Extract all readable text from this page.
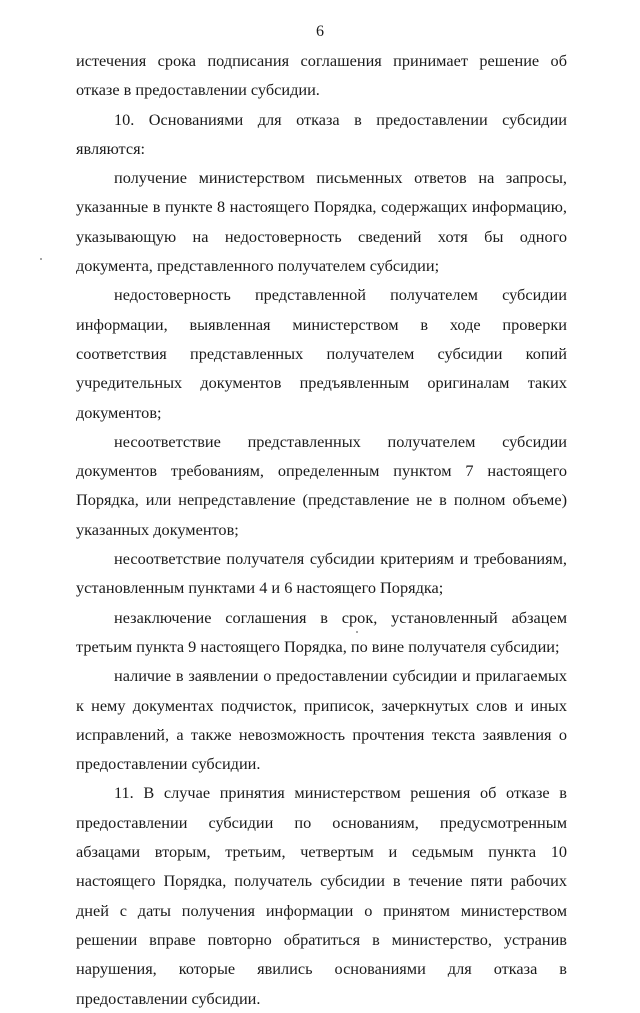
6

истечения срока подписания соглашения принимает решение об отказе в предоставлении субсидии.

10. Основаниями для отказа в предоставлении субсидии являются:

получение министерством письменных ответов на запросы, указанные в пункте 8 настоящего Порядка, содержащих информацию, указывающую на недостоверность сведений хотя бы одного документа, представленного получателем субсидии;

недостоверность представленной получателем субсидии информации, выявленная министерством в ходе проверки соответствия представленных получателем субсидии копий учредительных документов предъявленным оригиналам таких документов;

несоответствие представленных получателем субсидии документов требованиям, определенным пунктом 7 настоящего Порядка, или непредставление (представление не в полном объеме) указанных документов;

несоответствие получателя субсидии критериям и требованиям, установленным пунктами 4 и 6 настоящего Порядка;

незаключение соглашения в срок, установленный абзацем третьим пункта 9 настоящего Порядка, по вине получателя субсидии;

наличие в заявлении о предоставлении субсидии и прилагаемых к нему документах подчисток, приписок, зачеркнутых слов и иных исправлений, а также невозможность прочтения текста заявления о предоставлении субсидии.

11. В случае принятия министерством решения об отказе в предоставлении субсидии по основаниям, предусмотренным абзацами вторым, третьим, четвертым и седьмым пункта 10 настоящего Порядка, получатель субсидии в течение пяти рабочих дней с даты получения информации о принятом министерством решении вправе повторно обратиться в министерство, устранив нарушения, которые явились основаниями для отказа в предоставлении субсидии.
